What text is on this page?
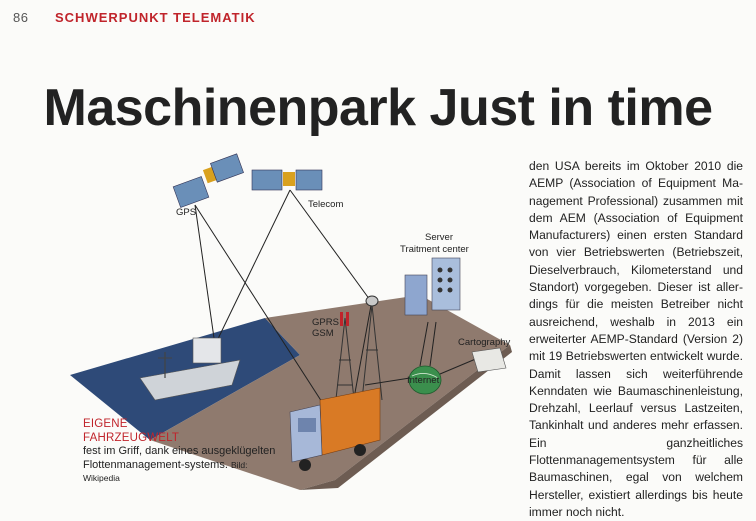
86 SCHWERPUNKT TELEMATIK
Maschinenpark Just in time
GPS
Telecom
Server
Traitment center
GPRS
GSM
Internet
Cartography
den USA bereits im Oktober 2010 die AEMP (Association of Equipment Management Professional) zusammen mit dem AEM (Association of Equipment Manufacturers) einen ersten Standard von vier Betriebswerten (Betriebszeit, Dieselverbrauch, Kilometerstand und Standort) vorgegeben. Dieser ist allerdings für die meisten Betreiber nicht ausreichend, weshalb in 2013 ein erweiterter AEMP-Standard (Version 2) mit 19 Betriebswerten entwickelt wurde. Damit lassen sich weiterführende Kenndaten wie Baumaschinenleistung, Drehzahl, Leerlauf versus Lastzeiten, Tankinhalt und anderes mehr erfassen. Ein ganzheitliches Flottenmanagementsystem für alle Baumaschinen, egal von welchem Hersteller, existiert allerdings bis heute immer noch nicht.
EIGENE
FAHRZEUGWELT
fest im Griff, dank eines ausgeklügelten Flottenmanagement-systems. Bild: Wikipedia
